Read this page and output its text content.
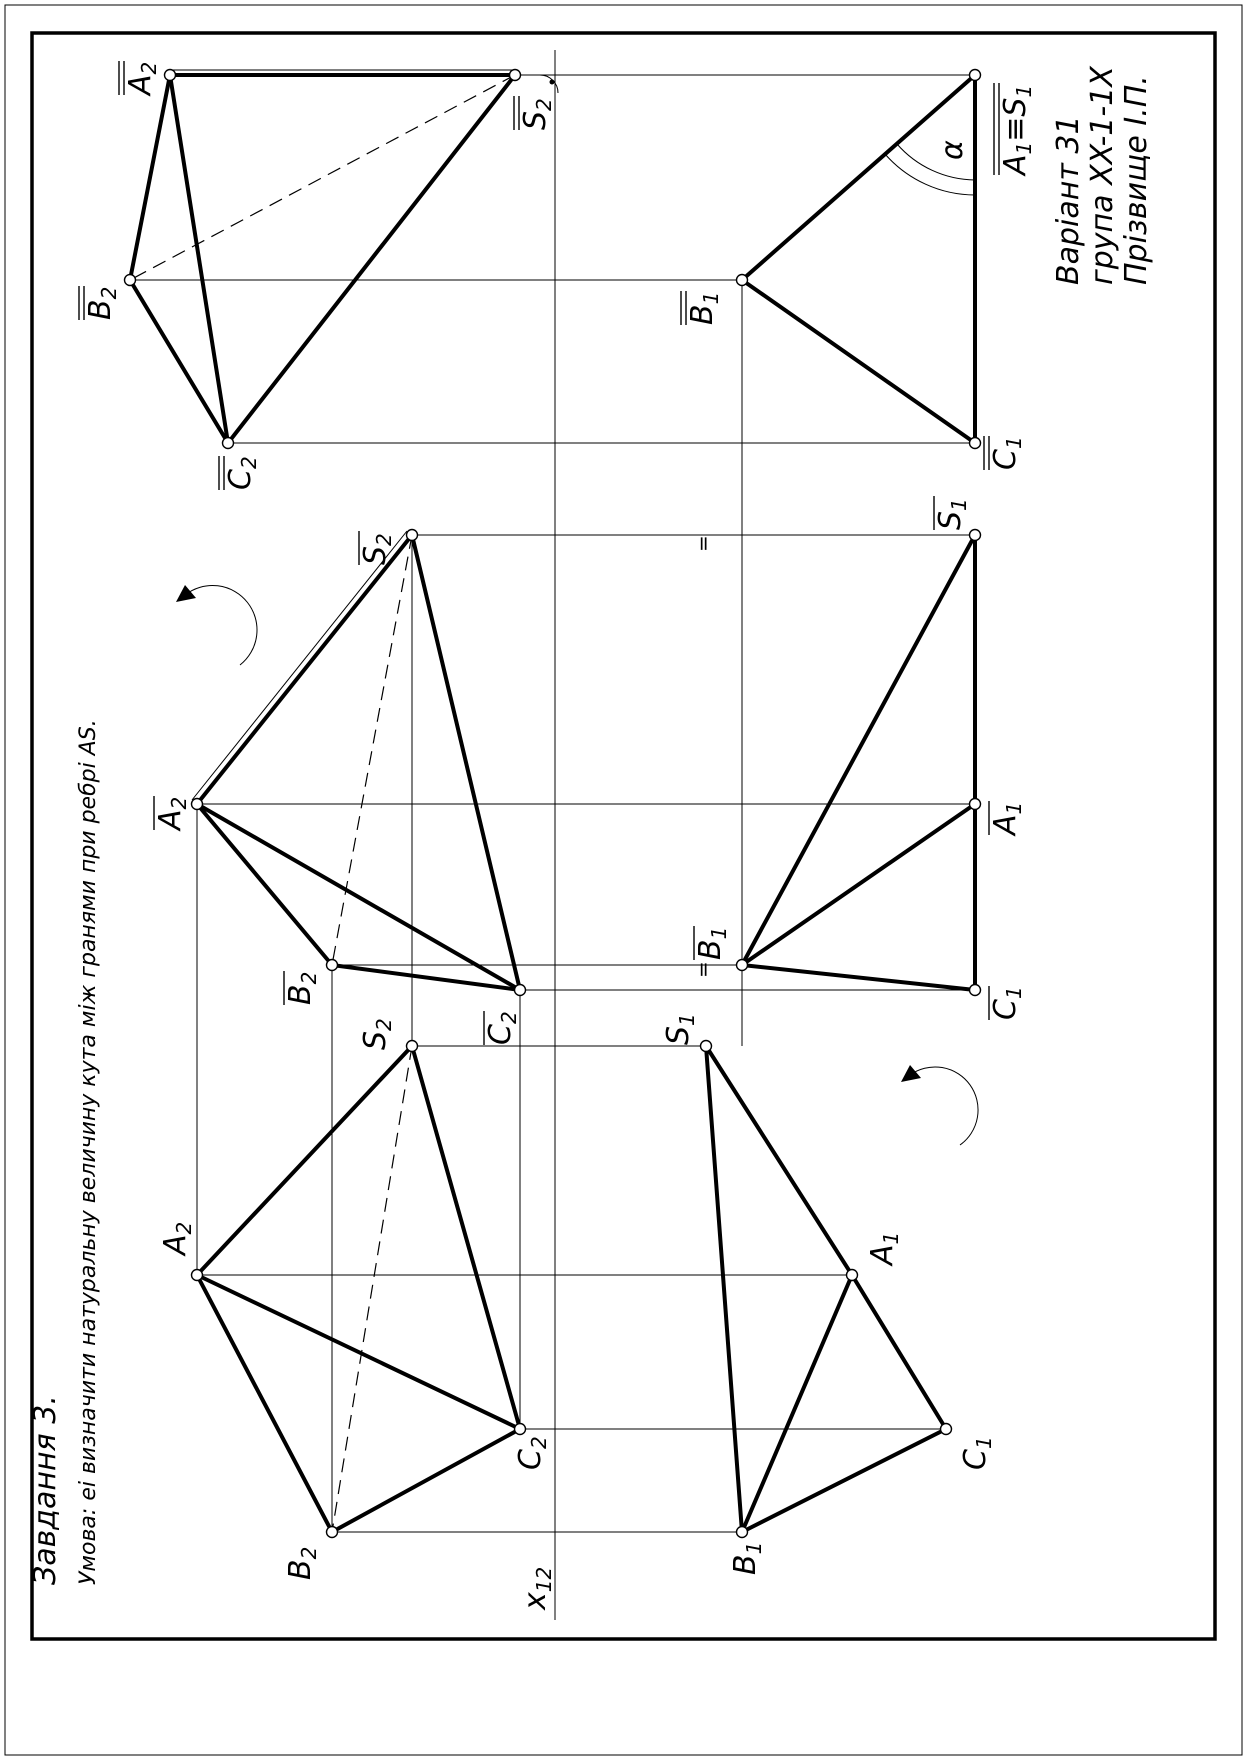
=
=
Завдання 3. Умова: ei визначити натуральну величину кута між гранями при ребрі AS.
Варіант 31 група XX-1-1X Прізвище І.П.
$x_{12}$
α
$A_2$
$B_2$
$C_2$
$S_2$
$A_1$
$B_1$
$C_1$
$S_1$
$A_2$
$B_2$
$C_2$
$S_2$
$A_1$
$B_1$
$C_1$
$S_1$
$A_2$
$B_2$
$C_2$
$S_2$
$A_1\equiv S_1$
$B_1$
$C_1$
